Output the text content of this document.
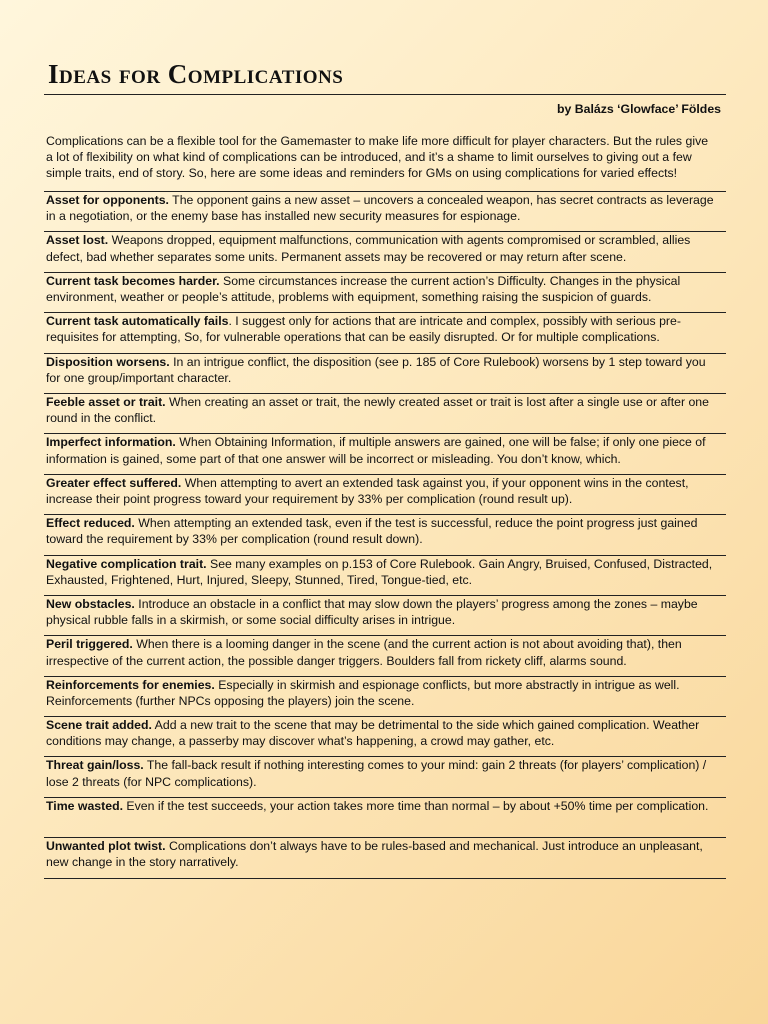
Ideas for Complications
by Balázs ‘Glowface’ Földes

Complications can be a flexible tool for the Gamemaster to make life more difficult for player characters. But the rules give a lot of flexibility on what kind of complications can be introduced, and it’s a shame to limit ourselves to giving out a few simple traits, end of story. So, here are some ideas and reminders for GMs on using complications for varied effects!

Asset for opponents. The opponent gains a new asset – uncovers a concealed weapon, has secret contracts as leverage in a negotiation, or the enemy base has installed new security measures for espionage.
Asset lost. Weapons dropped, equipment malfunctions, communication with agents compromised or scrambled, allies defect, bad whether separates some units. Permanent assets may be recovered or may return after scene.
Current task becomes harder. Some circumstances increase the current action’s Difficulty. Changes in the physical environment, weather or people’s attitude, problems with equipment, something raising the suspicion of guards.
Current task automatically fails. I suggest only for actions that are intricate and complex, possibly with serious pre-requisites for attempting, So, for vulnerable operations that can be easily disrupted. Or for multiple complications.
Disposition worsens. In an intrigue conflict, the disposition (see p. 185 of Core Rulebook) worsens by 1 step toward you for one group/important character.
Feeble asset or trait. When creating an asset or trait, the newly created asset or trait is lost after a single use or after one round in the conflict.
Imperfect information. When Obtaining Information, if multiple answers are gained, one will be false; if only one piece of information is gained, some part of that one answer will be incorrect or misleading. You don’t know, which.
Greater effect suffered. When attempting to avert an extended task against you, if your opponent wins in the contest, increase their point progress toward your requirement by 33% per complication (round result up).
Effect reduced. When attempting an extended task, even if the test is successful, reduce the point progress just gained toward the requirement by 33% per complication (round result down).
Negative complication trait. See many examples on p.153 of Core Rulebook. Gain Angry, Bruised, Confused, Distracted, Exhausted, Frightened, Hurt, Injured, Sleepy, Stunned, Tired, Tongue-tied, etc.
New obstacles. Introduce an obstacle in a conflict that may slow down the players’ progress among the zones – maybe physical rubble falls in a skirmish, or some social difficulty arises in intrigue.
Peril triggered. When there is a looming danger in the scene (and the current action is not about avoiding that), then irrespective of the current action, the possible danger triggers. Boulders fall from rickety cliff, alarms sound.
Reinforcements for enemies. Especially in skirmish and espionage conflicts, but more abstractly in intrigue as well. Reinforcements (further NPCs opposing the players) join the scene.
Scene trait added. Add a new trait to the scene that may be detrimental to the side which gained complication. Weather conditions may change, a passerby may discover what’s happening, a crowd may gather, etc.
Threat gain/loss. The fall-back result if nothing interesting comes to your mind: gain 2 threats (for players’ complication) / lose 2 threats (for NPC complications).
Time wasted. Even if the test succeeds, your action takes more time than normal – by about +50% time per complication.
Unwanted plot twist. Complications don’t always have to be rules-based and mechanical. Just introduce an unpleasant, new change in the story narratively.
